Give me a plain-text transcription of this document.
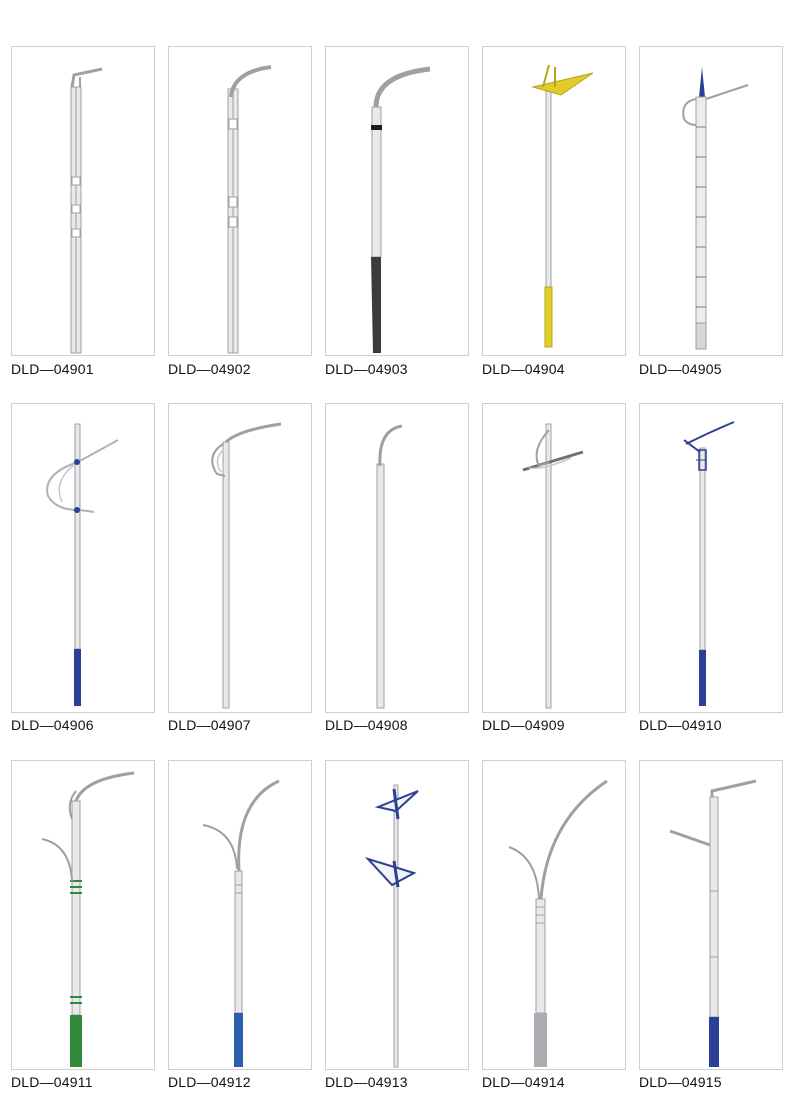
DLD—04901	DLD—04902	DLD—04903	DLD—04904	DLD—04905
DLD—04906	DLD—04907	DLD—04908	DLD—04909	DLD—04910
DLD—04911	DLD—04912	DLD—04913	DLD—04914	DLD—04915
